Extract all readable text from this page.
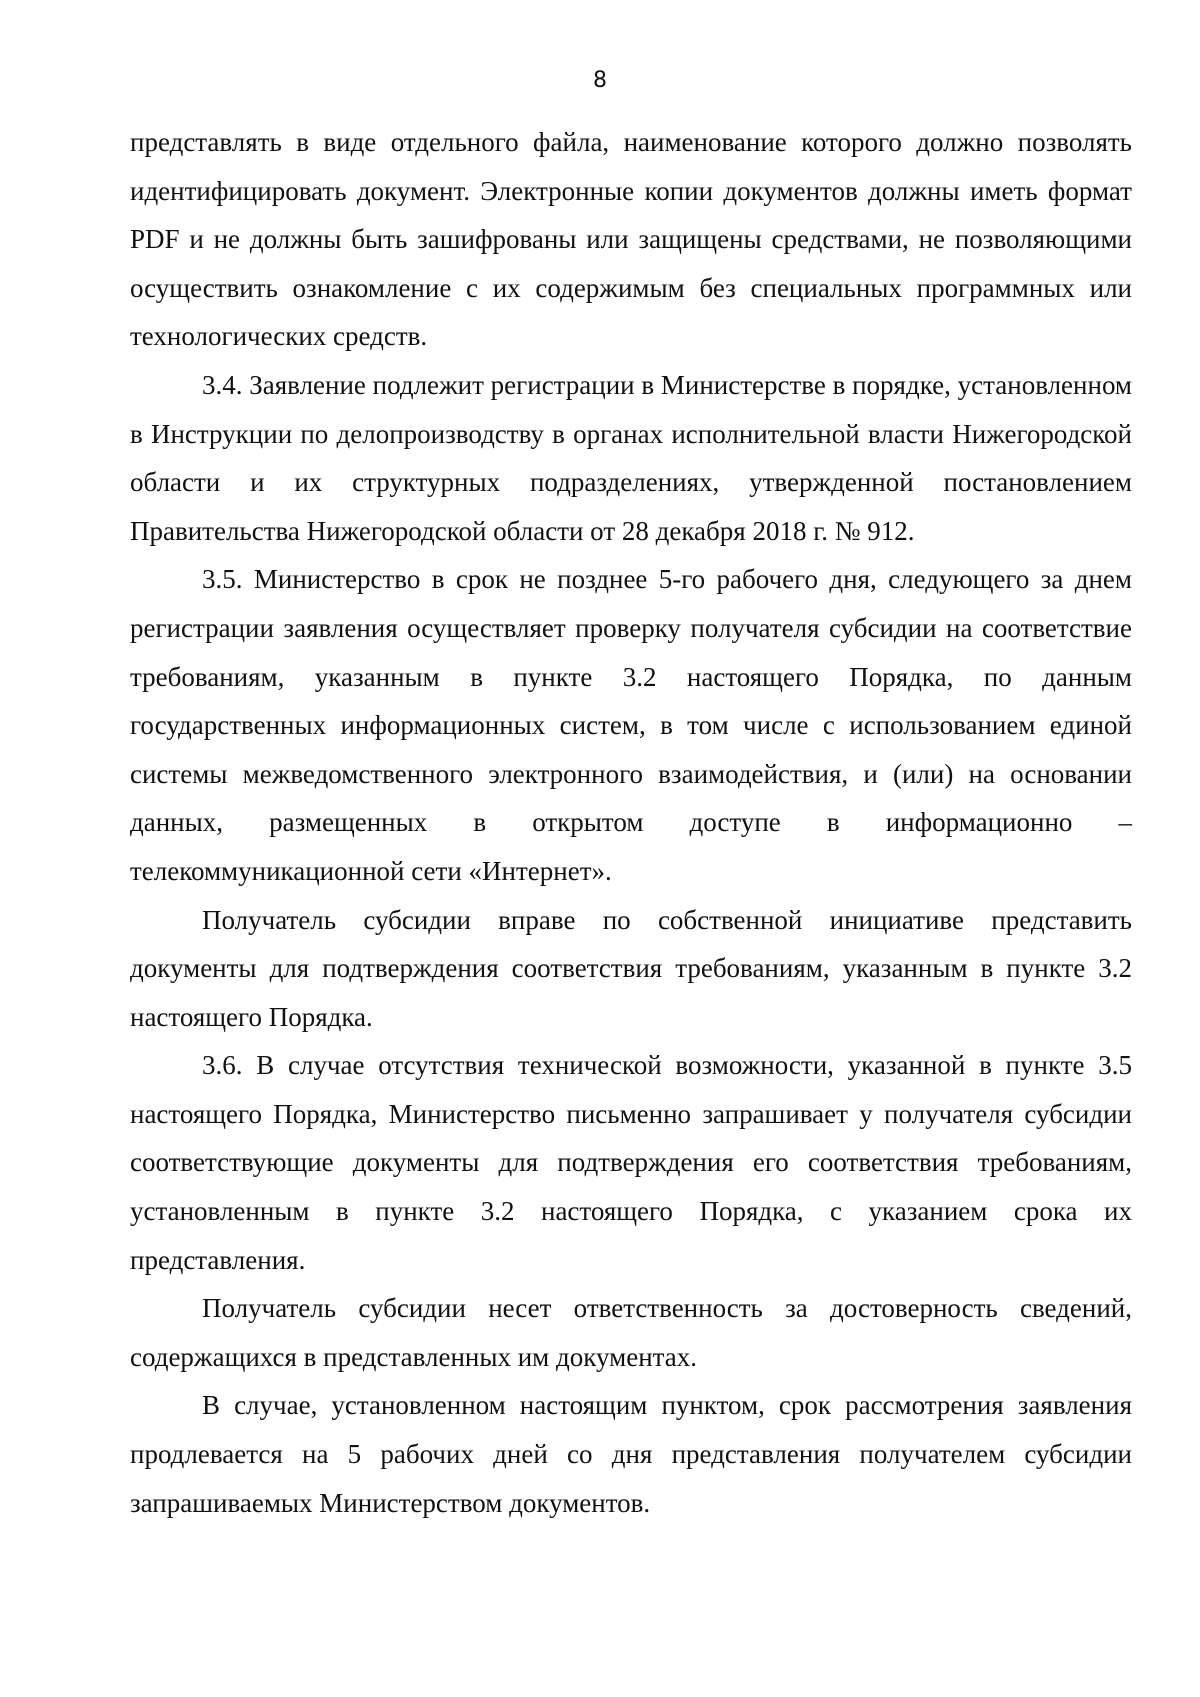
8

представлять в виде отдельного файла, наименование которого должно позволять идентифицировать документ. Электронные копии документов должны иметь формат PDF и не должны быть зашифрованы или защищены средствами, не позволяющими осуществить ознакомление с их содержимым без специальных программных или технологических средств.

3.4. Заявление подлежит регистрации в Министерстве в порядке, установленном в Инструкции по делопроизводству в органах исполнительной власти Нижегородской области и их структурных подразделениях, утвержденной постановлением Правительства Нижегородской области от 28 декабря 2018 г. № 912.

3.5. Министерство в срок не позднее 5-го рабочего дня, следующего за днем регистрации заявления осуществляет проверку получателя субсидии на соответствие требованиям, указанным в пункте 3.2 настоящего Порядка, по данным государственных информационных систем, в том числе с использованием единой системы межведомственного электронного взаимодействия, и (или) на основании данных, размещенных в открытом доступе в информационно – телекоммуникационной сети «Интернет».

Получатель субсидии вправе по собственной инициативе представить документы для подтверждения соответствия требованиям, указанным в пункте 3.2 настоящего Порядка.

3.6. В случае отсутствия технической возможности, указанной в пункте 3.5 настоящего Порядка, Министерство письменно запрашивает у получателя субсидии соответствующие документы для подтверждения его соответствия требованиям, установленным в пункте 3.2 настоящего Порядка, с указанием срока их представления.

Получатель субсидии несет ответственность за достоверность сведений, содержащихся в представленных им документах.

В случае, установленном настоящим пунктом, срок рассмотрения заявления продлевается на 5 рабочих дней со дня представления получателем субсидии запрашиваемых Министерством документов.
